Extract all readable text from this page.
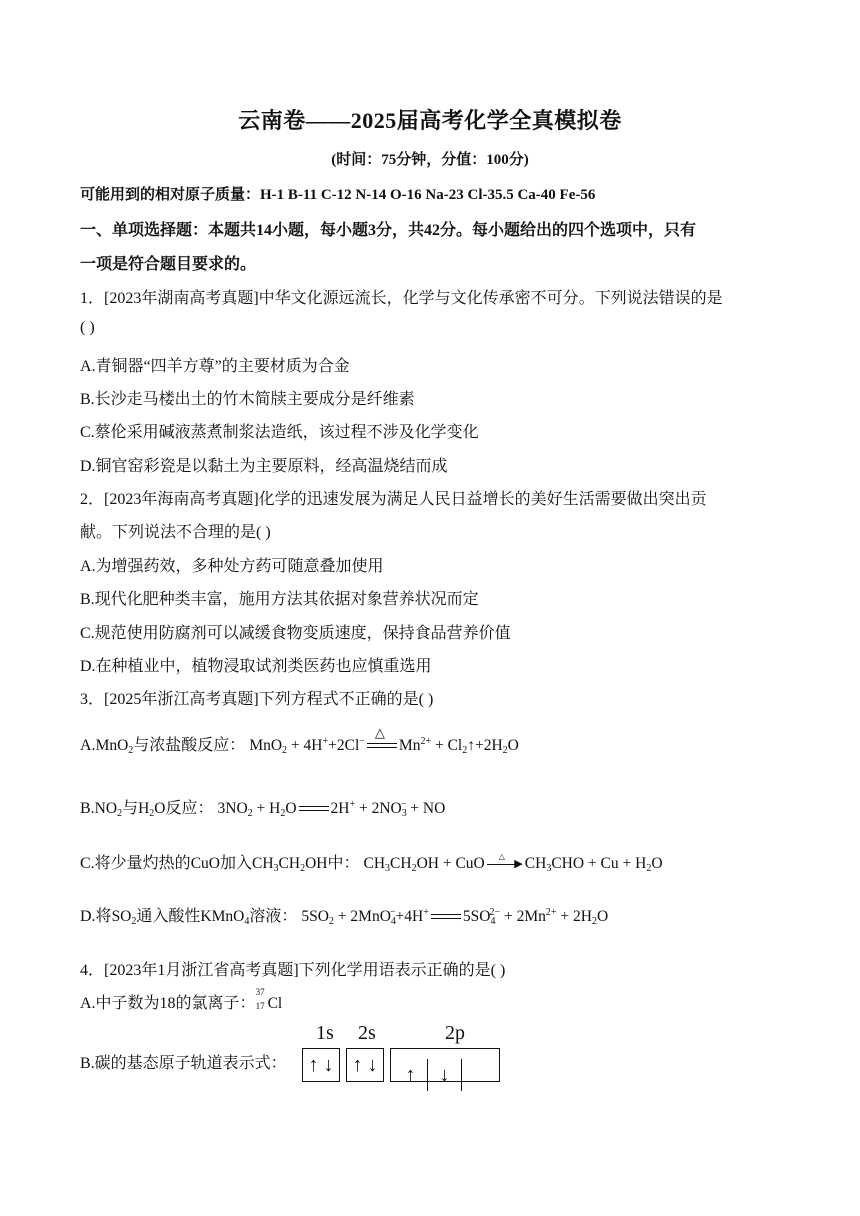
云南卷——2025届高考化学全真模拟卷
(时间：75分钟，分值：100分)
可能用到的相对原子质量：H-1 B-11 C-12 N-14 O-16 Na-23 Cl-35.5 Ca-40 Fe-56
一、单项选择题：本题共14小题，每小题3分，共42分。每小题给出的四个选项中，只有
一项是符合题目要求的。
1．[2023年湖南高考真题]中华文化源远流长，化学与文化传承密不可分。下列说法错误的是
( )
A.青铜器“四羊方尊”的主要材质为合金
B.长沙走马楼出土的竹木简牍主要成分是纤维素
C.蔡伦采用碱液蒸煮制浆法造纸，该过程不涉及化学变化
D.铜官窑彩瓷是以黏土为主要原料，经高温烧结而成
2．[2023年海南高考真题]化学的迅速发展为满足人民日益增长的美好生活需要做出突出贡
献。下列说法不合理的是( )
A.为增强药效，多种处方药可随意叠加使用
B.现代化肥种类丰富，施用方法其依据对象营养状况而定
C.规范使用防腐剂可以减缓食物变质速度，保持食品营养价值
D.在种植业中，植物浸取试剂类医药也应慎重选用
3．[2025年浙江高考真题]下列方程式不正确的是( )
A.MnO$_2$与浓盐酸反应： MnO$_2$ + 4H++2Cl−
△
$Mn^{2+}$ + $Cl_2↑+2H_2O$
$B.NO_2$与$H_2O$反应： $3NO_2 + H_2O$ $2H^+ + 2NO_3^-$ + NO
C.将少量灼热的CuO加入$CH_3CH_2OH$中： $CH_3CH_2OH$ + CuO △
▶ $CH_3CHO + Cu + H_2O$
D.将$SO_2$通入酸性KMnO$_4$溶液： $5SO_2 + 2MnO_4^-+4H^+$ $5SO_4^{2-} + 2Mn^{2+} + 2H_2O$
4．[2023年1月浙江省高考真题]下列化学用语表示正确的是( )
A.中子数为18的氯离子：
37
17 Cl
B.碳的基态原子轨道表示式：
1s 2s	2p
↑ ↓ ↑ ↓	↑ ↓
